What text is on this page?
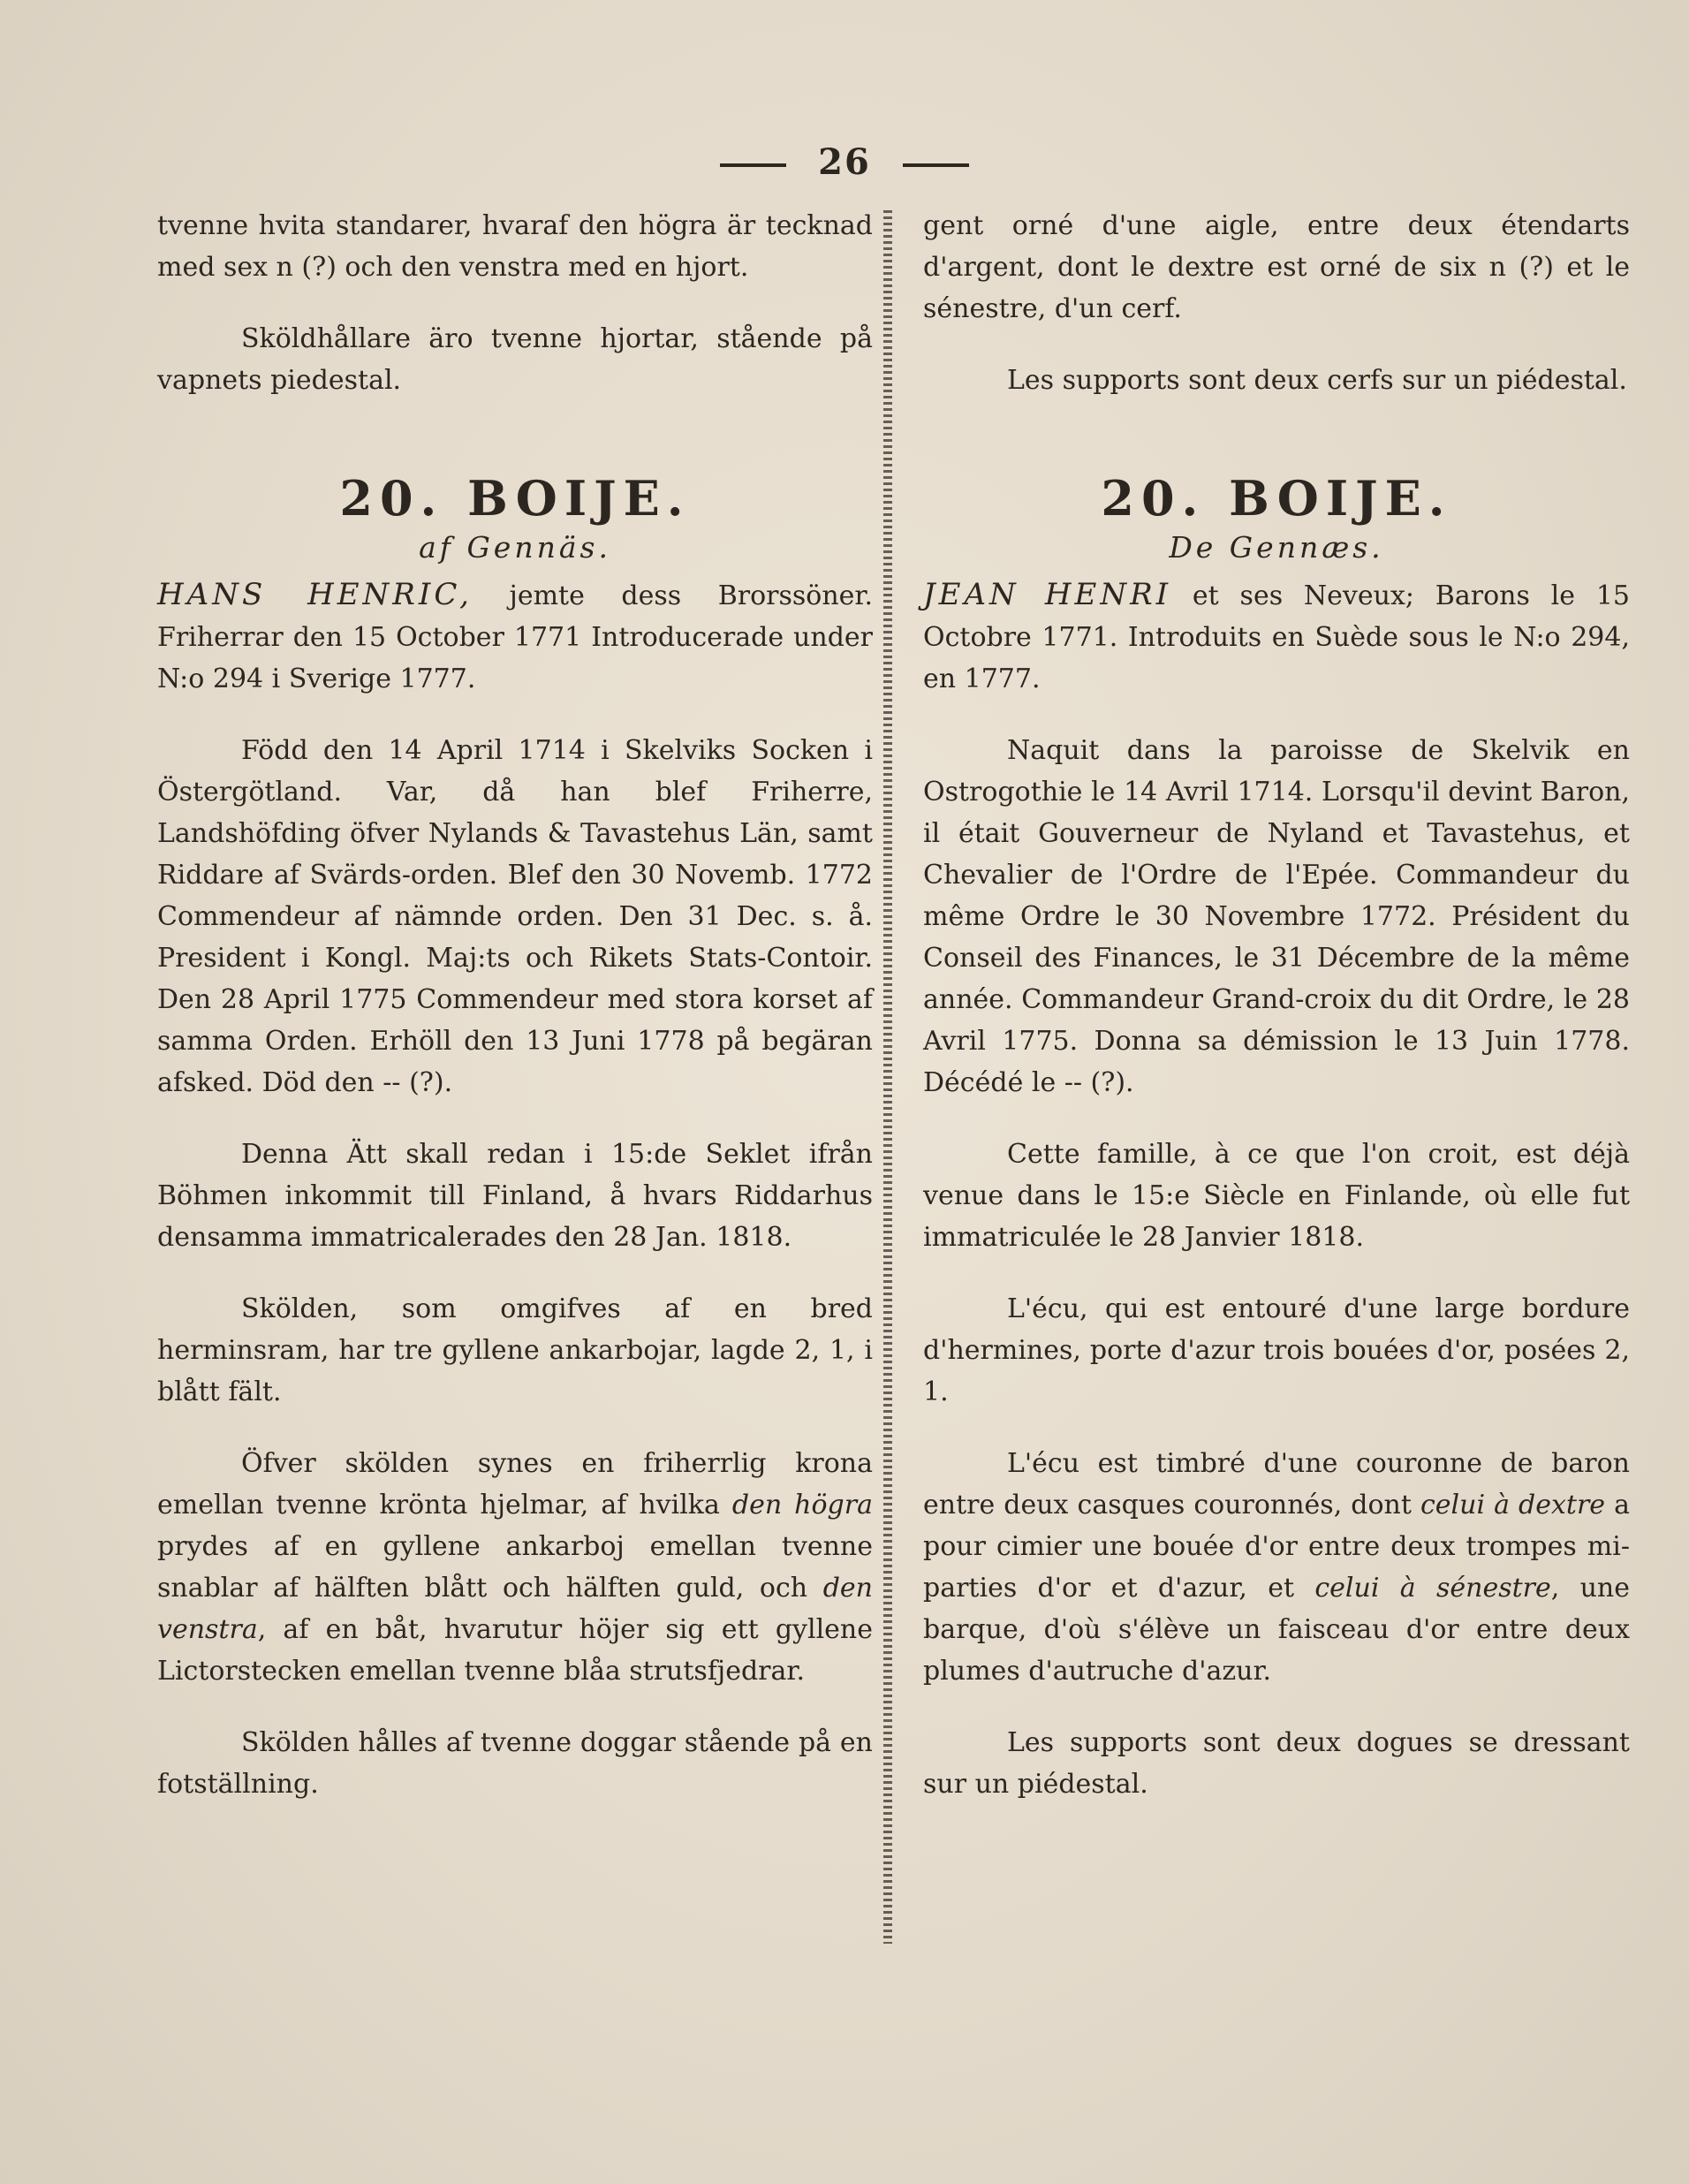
26

tvenne hvita standarer, hvaraf den högra är tecknad med sex n (?) och den venstra med en hjort.

Sköldhållare äro tvenne hjortar, stående på vapnets piedestal.

20. BOIJE.
af Gennäs.

HANS HENRIC, jemte dess Brorssöner. Friherrar den 15 October 1771 Introducerade under N:o 294 i Sverige 1777.

Född den 14 April 1714 i Skelviks Socken i Östergötland. Var, då han blef Friherre, Landshöfding öfver Nylands & Tavastehus Län, samt Riddare af Svärds-orden. Blef den 30 Novemb. 1772 Commendeur af nämnde orden. Den 31 Dec. s. å. President i Kongl. Maj:ts och Rikets Stats-Contoir. Den 28 April 1775 Commendeur med stora korset af samma Orden. Erhöll den 13 Juni 1778 på begäran afsked. Död den -- (?).

Denna Ätt skall redan i 15:de Seklet ifrån Böhmen inkommit till Finland, å hvars Riddarhus densamma immatricalerades den 28 Jan. 1818.

Skölden, som omgifves af en bred herminsram, har tre gyllene ankarbojar, lagde 2, 1, i blått fält.

Öfver skölden synes en friherrlig krona emellan tvenne krönta hjelmar, af hvilka den högra prydes af en gyllene ankarboj emellan tvenne snablar af hälften blått och hälften guld, och den venstra, af en båt, hvarutur höjer sig ett gyllene Lictorstecken emellan tvenne blåa strutsfjedrar.

Skölden hålles af tvenne doggar stående på en fotställning.

gent orné d'une aigle, entre deux étendarts d'argent, dont le dextre est orné de six n (?) et le sénestre, d'un cerf.

Les supports sont deux cerfs sur un piédestal.

20. BOIJE.
De Gennæs.

JEAN HENRI et ses Neveux; Barons le 15 Octobre 1771. Introduits en Suède sous le N:o 294, en 1777.

Naquit dans la paroisse de Skelvik en Ostrogothie le 14 Avril 1714. Lorsqu'il devint Baron, il était Gouverneur de Nyland et Tavastehus, et Chevalier de l'Ordre de l'Epée. Commandeur du même Ordre le 30 Novembre 1772. Président du Conseil des Finances, le 31 Décembre de la même année. Commandeur Grand-croix du dit Ordre, le 28 Avril 1775. Donna sa démission le 13 Juin 1778. Décédé le -- (?).

Cette famille, à ce que l'on croit, est déjà venue dans le 15:e Siècle en Finlande, où elle fut immatriculée le 28 Janvier 1818.

L'écu, qui est entouré d'une large bordure d'hermines, porte d'azur trois bouées d'or, posées 2, 1.

L'écu est timbré d'une couronne de baron entre deux casques couronnés, dont celui à dextre a pour cimier une bouée d'or entre deux trompes mi-parties d'or et d'azur, et celui à sénestre, une barque, d'où s'élève un faisceau d'or entre deux plumes d'autruche d'azur.

Les supports sont deux dogues se dressant sur un piédestal.
